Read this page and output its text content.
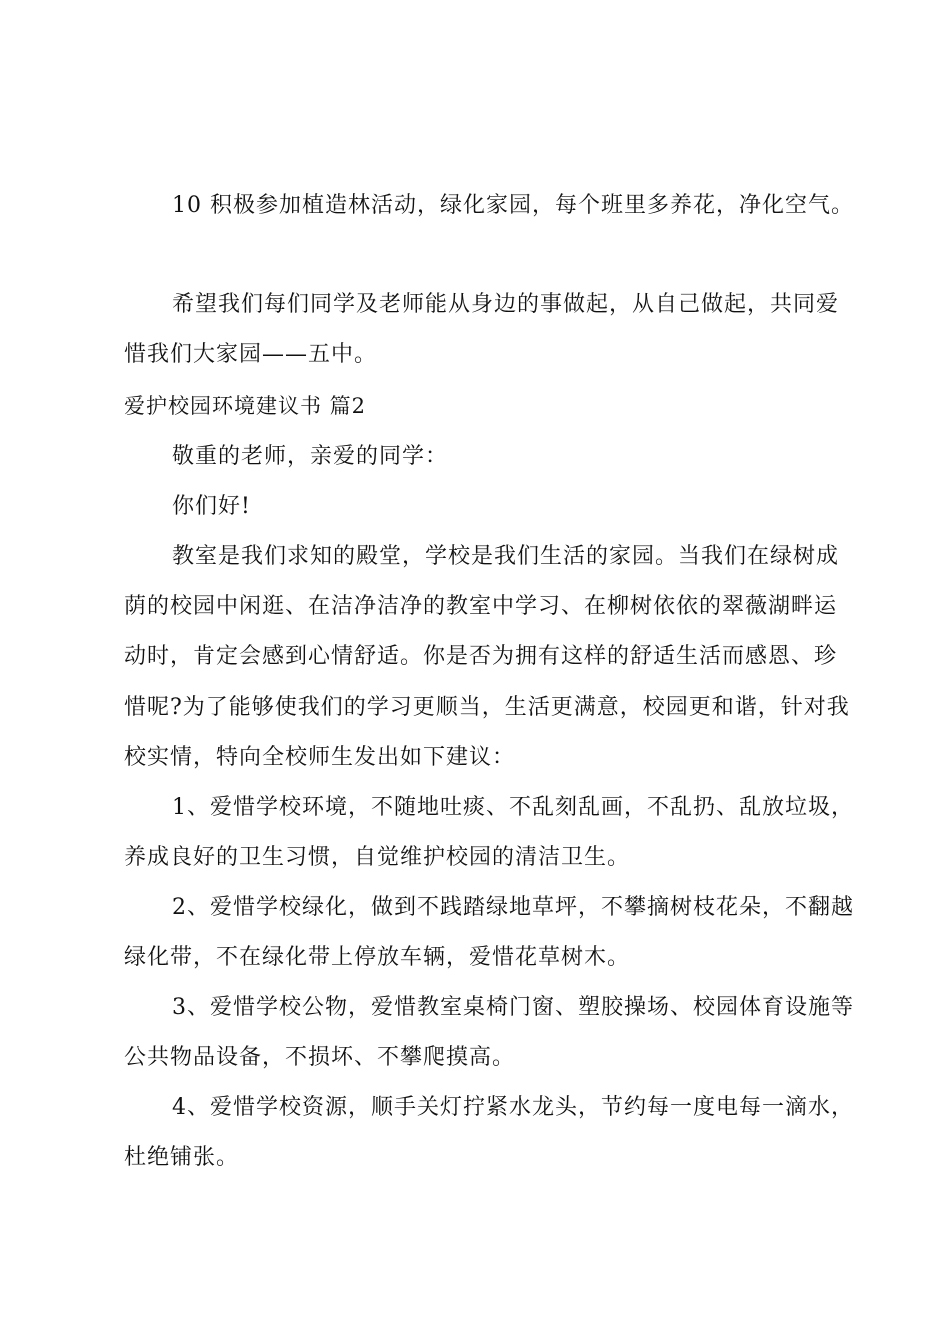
10 积极参加植造林活动，绿化家园，每个班里多养花，净化空气。
希望我们每们同学及老师能从身边的事做起，从自己做起，共同爱
惜我们大家园——五中。
爱护校园环境建议书 篇2
敬重的老师，亲爱的同学：
你们好!
教室是我们求知的殿堂，学校是我们生活的家园。当我们在绿树成
荫的校园中闲逛、在洁净洁净的教室中学习、在柳树依依的翠薇湖畔运
动时，肯定会感到心情舒适。你是否为拥有这样的舒适生活而感恩、珍
惜呢?为了能够使我们的学习更顺当，生活更满意，校园更和谐，针对我
校实情，特向全校师生发出如下建议：
1、爱惜学校环境，不随地吐痰、不乱刻乱画，不乱扔、乱放垃圾，
养成良好的卫生习惯，自觉维护校园的清洁卫生。
2、爱惜学校绿化，做到不践踏绿地草坪，不攀摘树枝花朵，不翻越
绿化带，不在绿化带上停放车辆，爱惜花草树木。
3、爱惜学校公物，爱惜教室桌椅门窗、塑胶操场、校园体育设施等
公共物品设备，不损坏、不攀爬摸高。
4、爱惜学校资源，顺手关灯拧紧水龙头，节约每一度电每一滴水，
杜绝铺张。
